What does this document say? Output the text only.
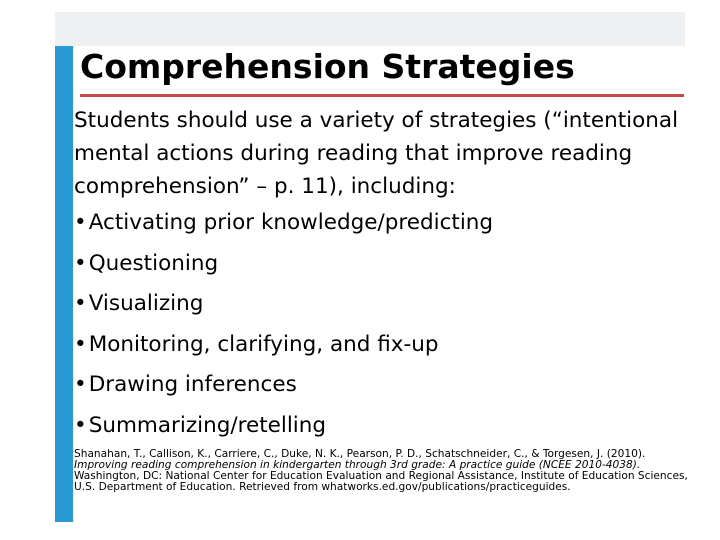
Comprehension Strategies

Students should use a variety of strategies (“intentional mental actions during reading that improve reading comprehension” – p. 11), including:

•Activating prior knowledge/predicting
•Questioning
•Visualizing
•Monitoring, clarifying, and fix-up
•Drawing inferences
•Summarizing/retelling

Shanahan, T., Callison, K., Carriere, C., Duke, N. K., Pearson, P. D., Schatschneider, C., & Torgesen, J. (2010). Improving reading comprehension in kindergarten through 3rd grade: A practice guide (NCEE 2010-4038). Washington, DC: National Center for Education Evaluation and Regional Assistance, Institute of Education Sciences, U.S. Department of Education. Retrieved from whatworks.ed.gov/publications/practiceguides.
